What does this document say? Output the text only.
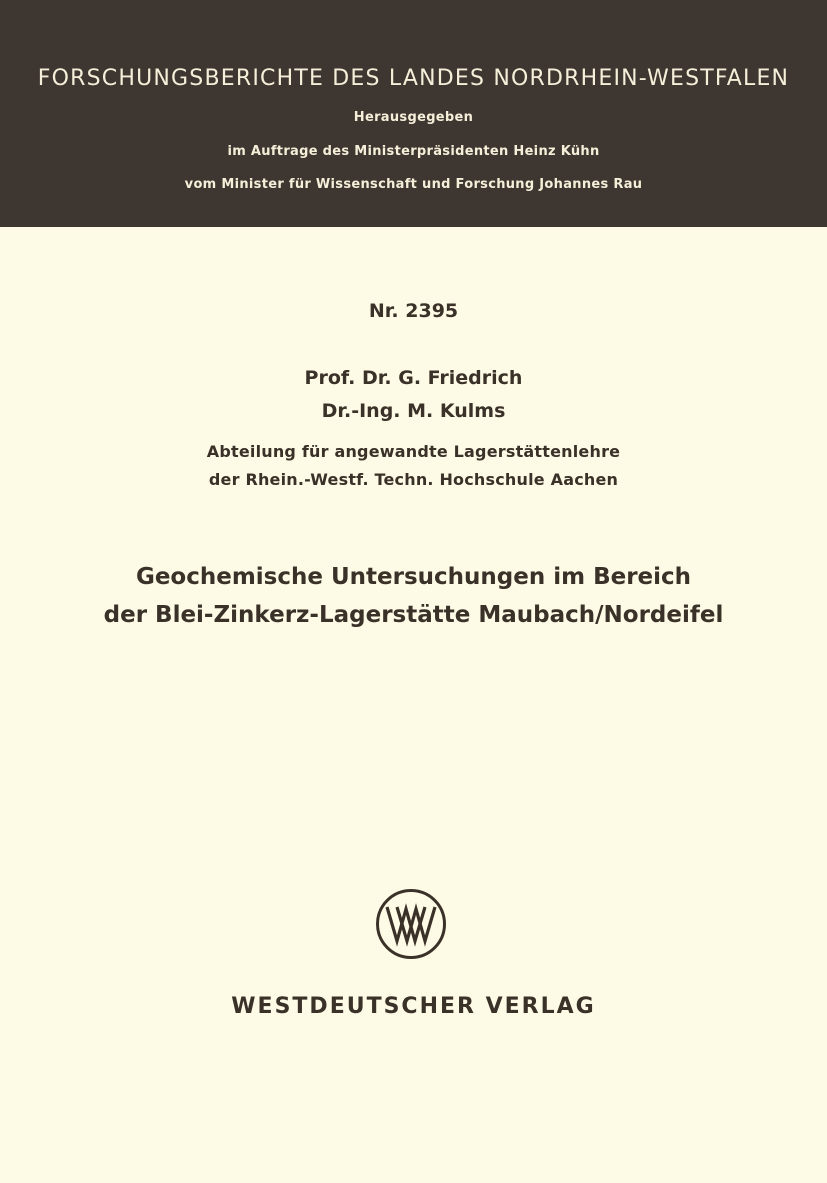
FORSCHUNGSBERICHTE DES LANDES NORDRHEIN-WESTFALEN
Herausgegeben
im Auftrage des Ministerpräsidenten Heinz Kühn
vom Minister für Wissenschaft und Forschung Johannes Rau
Nr. 2395
Prof. Dr. G. Friedrich
Dr.-Ing. M. Kulms
Abteilung für angewandte Lagerstättenlehre
der Rhein.-Westf. Techn. Hochschule Aachen
Geochemische Untersuchungen im Bereich
der Blei-Zinkerz-Lagerstätte Maubach/Nordeifel
WESTDEUTSCHER VERLAG
